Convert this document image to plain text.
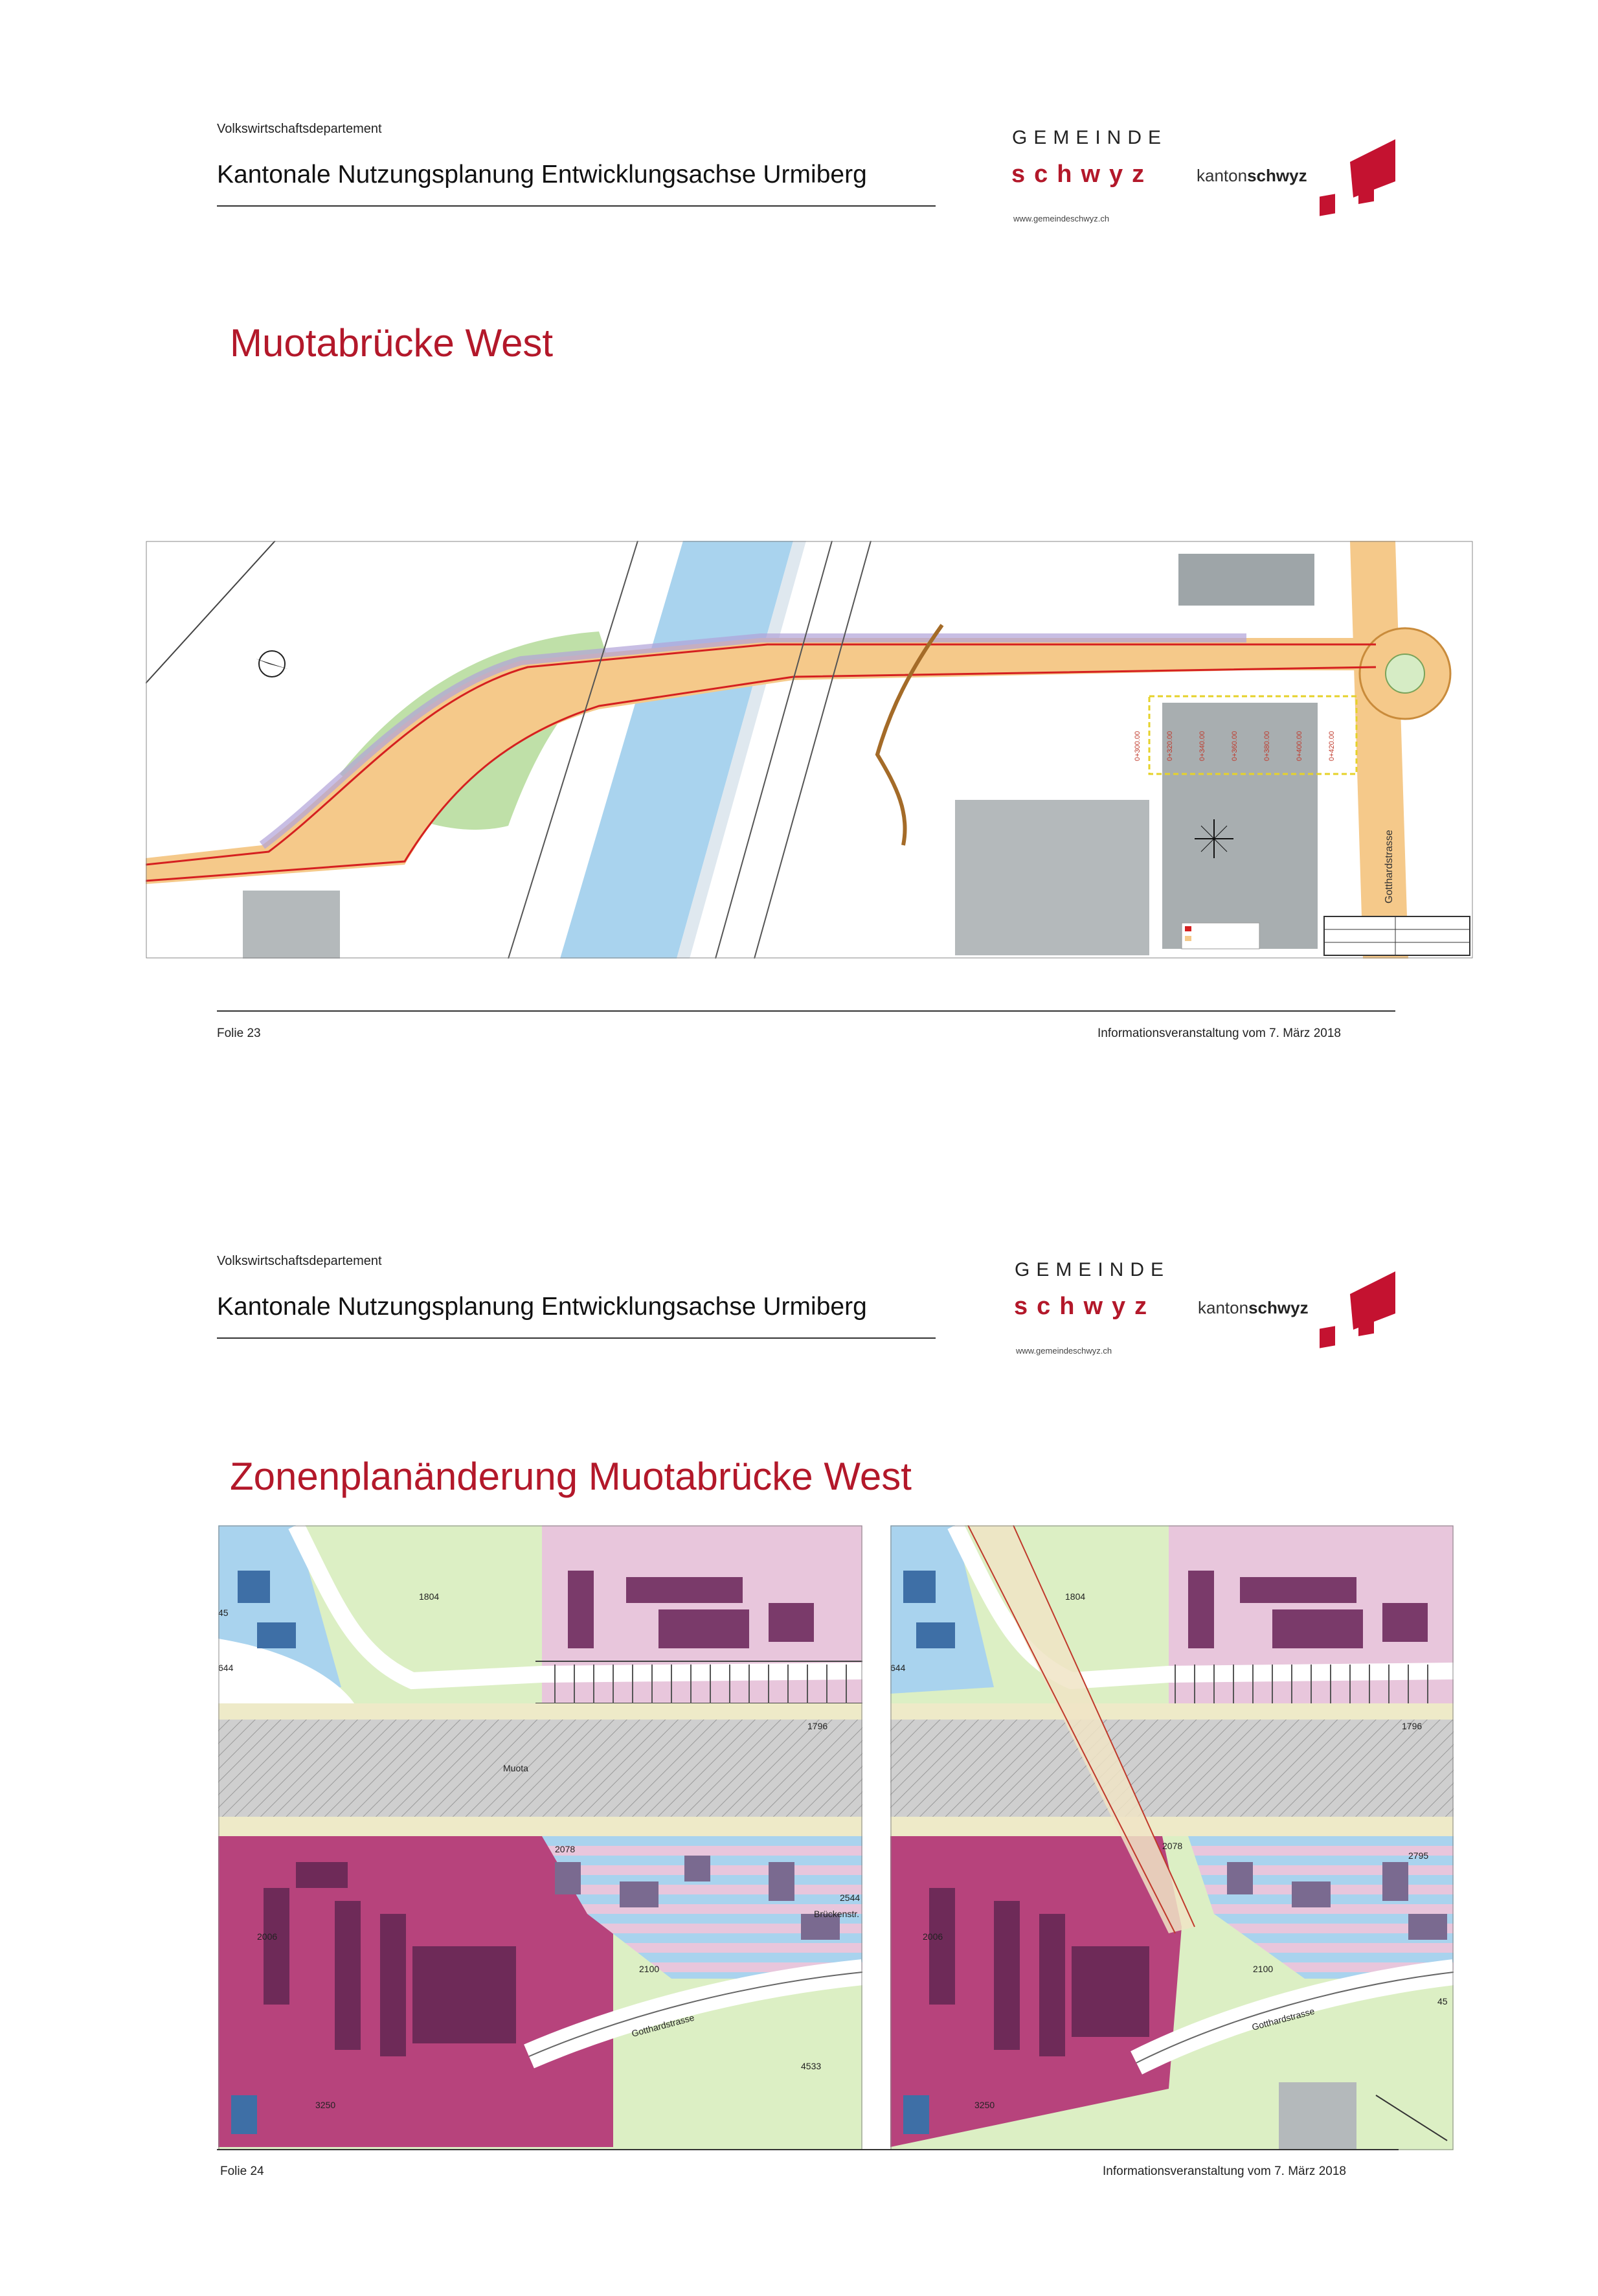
Volkswirtschaftsdepartement
Kantonale Nutzungsplanung Entwicklungsachse Urmiberg
GEMEINDE
schwyz
www.gemeindeschwyz.ch
kantonschwyz
Muotabrücke West
0+300.00	0+320.00	0+340.00	0+360.00	0+380.00	0+400.00	0+420.00
Gotthardstrasse
Folie 23	Informationsveranstaltung vom 7. März 2018
Volkswirtschaftsdepartement
Kantonale Nutzungsplanung Entwicklungsachse Urmiberg
GEMEINDE
schwyz
www.gemeindeschwyz.ch
kantonschwyz
Zonenplanänderung Muotabrücke West
1804
45
644
1796
Muota
2078
2006
2100
2544
4533
3250
Brückenstr.
Gotthardstrasse
1804
644
1796
2078
2006
2100
2795
3250
45
Gotthardstrasse
Folie 24	Informationsveranstaltung vom 7. März 2018
